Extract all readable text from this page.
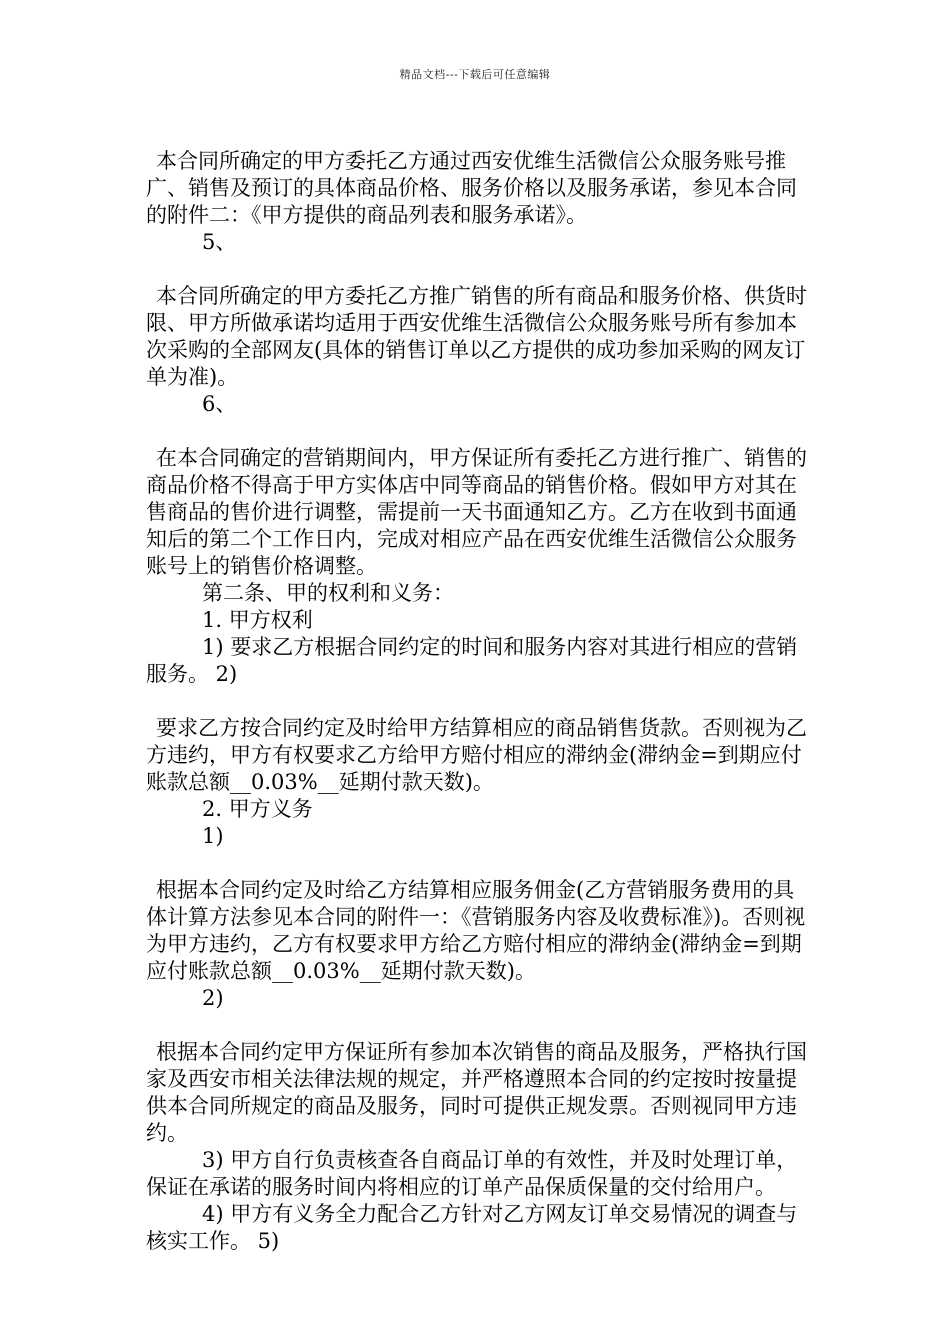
精品文档---下载后可任意编辑

本合同所确定的甲方委托乙方通过西安优维生活微信公众服务账号推广、销售及预订的具体商品价格、服务价格以及服务承诺，参见本合同的附件二：《甲方提供的商品列表和服务承诺》。

5、

本合同所确定的甲方委托乙方推广销售的所有商品和服务价格、供货时限、甲方所做承诺均适用于西安优维生活微信公众服务账号所有参加本次采购的全部网友(具体的销售订单以乙方提供的成功参加采购的网友订单为准)。

6、

在本合同确定的营销期间内，甲方保证所有委托乙方进行推广、销售的商品价格不得高于甲方实体店中同等商品的销售价格。假如甲方对其在售商品的售价进行调整，需提前一天书面通知乙方。乙方在收到书面通知后的第二个工作日内，完成对相应产品在西安优维生活微信公众服务账号上的销售价格调整。

第二条、甲的权利和义务：

1. 甲方权利

1) 要求乙方根据合同约定的时间和服务内容对其进行相应的营销服务。 2)

要求乙方按合同约定及时给甲方结算相应的商品销售货款。否则视为乙方违约，甲方有权要求乙方给甲方赔付相应的滞纳金(滞纳金=到期应付账款总额__0.03%__延期付款天数)。

2. 甲方义务

1)

根据本合同约定及时给乙方结算相应服务佣金(乙方营销服务费用的具体计算方法参见本合同的附件一：《营销服务内容及收费标准》)。否则视为甲方违约，乙方有权要求甲方给乙方赔付相应的滞纳金(滞纳金=到期应付账款总额__0.03%__延期付款天数)。

2)

根据本合同约定甲方保证所有参加本次销售的商品及服务，严格执行国家及西安市相关法律法规的规定，并严格遵照本合同的约定按时按量提供本合同所规定的商品及服务，同时可提供正规发票。否则视同甲方违约。

3) 甲方自行负责核查各自商品订单的有效性，并及时处理订单，保证在承诺的服务时间内将相应的订单产品保质保量的交付给用户。

4) 甲方有义务全力配合乙方针对乙方网友订单交易情况的调查与核实工作。 5)
